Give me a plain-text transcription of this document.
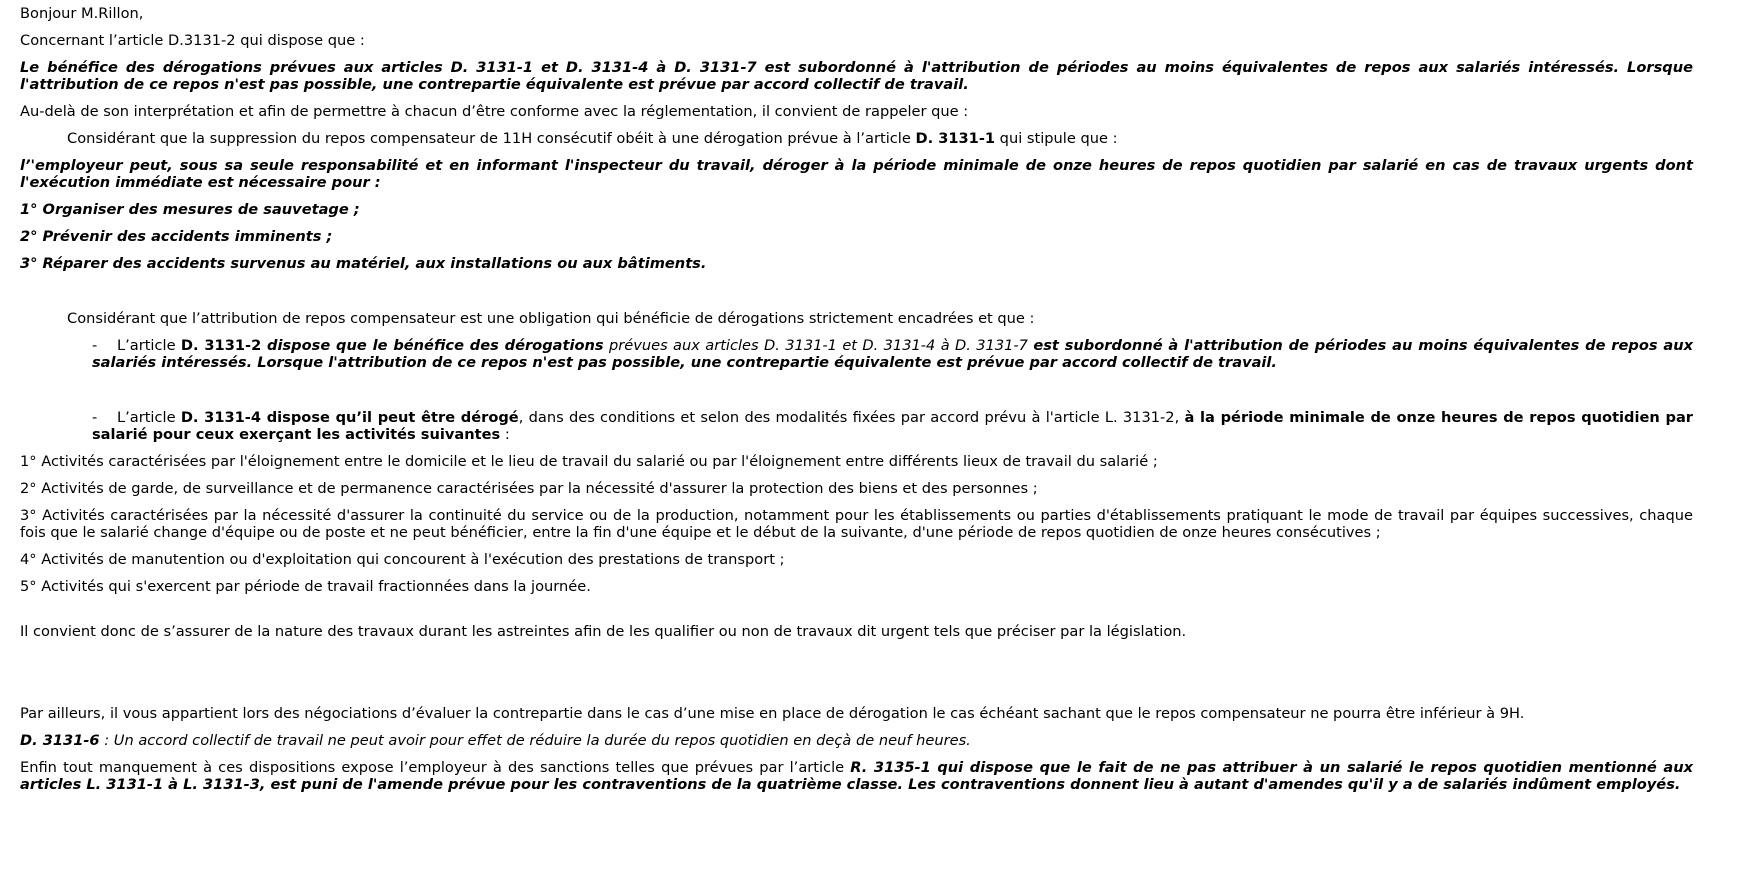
Bonjour M.Rillon,

Concernant l’article D.3131-2 qui dispose que :

Le bénéfice des dérogations prévues aux articles D. 3131-1 et D. 3131-4 à D. 3131-7 est subordonné à l'attribution de périodes au moins équivalentes de repos aux salariés intéressés. Lorsque l'attribution de ce repos n'est pas possible, une contrepartie équivalente est prévue par accord collectif de travail.

Au-delà de son interprétation et afin de permettre à chacun d’être conforme avec la réglementation, il convient de rappeler que :

Considérant que la suppression du repos compensateur de 11H consécutif obéit à une dérogation prévue à l’article D. 3131-1 qui stipule que :

l’'employeur peut, sous sa seule responsabilité et en informant l'inspecteur du travail, déroger à la période minimale de onze heures de repos quotidien par salarié en cas de travaux urgents dont l'exécution immédiate est nécessaire pour :

1° Organiser des mesures de sauvetage ;

2° Prévenir des accidents imminents ;

3° Réparer des accidents survenus au matériel, aux installations ou aux bâtiments.

Considérant que l’attribution de repos compensateur est une obligation qui bénéficie de dérogations strictement encadrées et que :

-	L’article D. 3131-2 dispose que le bénéfice des dérogations prévues aux articles D. 3131-1 et D. 3131-4 à D. 3131-7 est subordonné à l'attribution de périodes au moins équivalentes de repos aux salariés intéressés. Lorsque l'attribution de ce repos n'est pas possible, une contrepartie équivalente est prévue par accord collectif de travail.

-	L’article D. 3131-4 dispose qu’il peut être dérogé, dans des conditions et selon des modalités fixées par accord prévu à l'article L. 3131-2, à la période minimale de onze heures de repos quotidien par salarié pour ceux exerçant les activités suivantes :

1° Activités caractérisées par l'éloignement entre le domicile et le lieu de travail du salarié ou par l'éloignement entre différents lieux de travail du salarié ;

2° Activités de garde, de surveillance et de permanence caractérisées par la nécessité d'assurer la protection des biens et des personnes ;

3° Activités caractérisées par la nécessité d'assurer la continuité du service ou de la production, notamment pour les établissements ou parties d'établissements pratiquant le mode de travail par équipes successives, chaque fois que le salarié change d'équipe ou de poste et ne peut bénéficier, entre la fin d'une équipe et le début de la suivante, d'une période de repos quotidien de onze heures consécutives ;

4° Activités de manutention ou d'exploitation qui concourent à l'exécution des prestations de transport ;

5° Activités qui s'exercent par période de travail fractionnées dans la journée.

Il convient donc de s’assurer de la nature des travaux durant les astreintes afin de les qualifier ou non de travaux dit urgent tels que préciser par la législation.

Par ailleurs, il vous appartient lors des négociations d’évaluer la contrepartie dans le cas d’une mise en place de dérogation le cas échéant sachant que le repos compensateur ne pourra être inférieur à 9H.

D. 3131-6 : Un accord collectif de travail ne peut avoir pour effet de réduire la durée du repos quotidien en deçà de neuf heures.

Enfin tout manquement à ces dispositions expose l’employeur à des sanctions telles que prévues par l’article R. 3135-1 qui dispose que le fait de ne pas attribuer à un salarié le repos quotidien mentionné aux articles L. 3131-1 à L. 3131-3, est puni de l'amende prévue pour les contraventions de la quatrième classe. Les contraventions donnent lieu à autant d'amendes qu'il y a de salariés indûment employés.
